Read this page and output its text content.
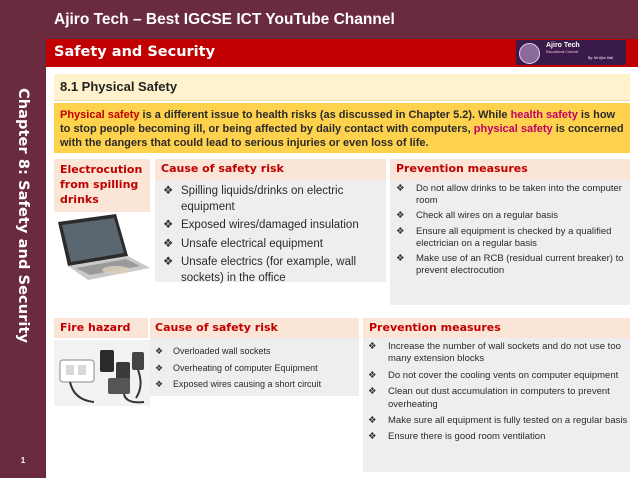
Chapter 8: Safety and Security
1
Ajiro Tech – Best IGCSE ICT YouTube Channel
Safety and Security	Ajiro Tech
Educational Channel
By: Mr Ajiro Hall
8.1 Physical Safety

Physical safety is a different issue to health risks (as discussed in Chapter 5.2). While health safety is how to stop people becoming ill, or being affected by daily contact with computers, physical safety is concerned with the dangers that could lead to serious injuries or even loss of life.

Electrocution from spilling drinks
Cause of safety risk
❖ Spilling liquids/drinks on electric equipment
❖ Exposed wires/damaged insulation
❖ Unsafe electrical equipment
❖ Unsafe electrics (for example, wall sockets) in the office
Prevention measures
❖ Do not allow drinks to be taken into the computer room
❖ Check all wires on a regular basis
❖ Ensure all equipment is checked by a qualified electrician on a regular basis
❖ Make use of an RCB (residual current breaker) to prevent electrocution
Fire hazard Cause of safety risk
❖ Overloaded wall sockets
❖ Overheating of computer Equipment
❖ Exposed wires causing a short circuit
Prevention measures
❖ Increase the number of wall sockets and do not use too many extension blocks
❖ Do not cover the cooling vents on computer equipment
❖ Clean out dust accumulation in computers to prevent overheating
❖ Make sure all equipment is fully tested on a regular basis
❖ Ensure there is good room ventilation
